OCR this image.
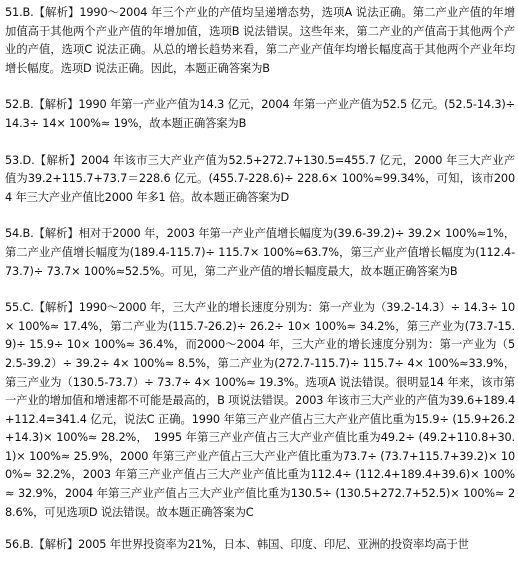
51.B.【解析】1990～2004 年三个产业的产值均呈递增态势，选项A 说法正确。第二产业产值的年增加值高于其他两个产业产值的年增加值，选项B 说法错误。这些年来，第二产业的产值高于其他两个产业的产值，选项C 说法正确。从总的增长趋势来看，第二产业产值年均增长幅度高于其他两个产业年均增长幅度。选项D 说法正确。因此，本题正确答案为B

52.B.【解析】1990 年第一产业产值为14.3 亿元，2004 年第一产业产值为52.5 亿元。(52.5-14.3)÷ 14.3÷ 14× 100%≈ 19%，故本题正确答案为B

53.D.【解析】2004 年该市三大产业产值为52.5+272.7+130.5=455.7 亿元，2000 年三大产业产值为39.2+115.7+73.7＝228.6 亿元。(455.7-228.6)÷ 228.6× 100%≈99.34%，可知，该市2004 年三大产业产值比2000 年多1 倍。故本题正确答案为D

54.B.【解析】相对于2000 年，2003 年第一产业产值增长幅度为(39.6-39.2)÷ 39.2× 100%≈1%，第二产业产值增长幅度为(189.4-115.7)÷ 115.7× 100%≈63.7%，第三产业产值增长幅度为(112.4-73.7)÷ 73.7× 100%≈52.5%。可见，第二产业产值的增长幅度最大，故本题正确答案为B

55.C.【解析】1990～2000 年，三大产业的增长速度分别为：第一产业为（39.2-14.3）÷ 14.3÷ 10× 100%≈ 17.4%，第二产业为(115.7-26.2)÷ 26.2÷ 10× 100%≈ 34.2%，第三产业为(73.7-15.9)÷ 15.9÷ 10× 100%≈ 36.4%，而2000～2004 年，三大产业的增长速度分别为：第一产业为（52.5-39.2）÷ 39.2÷ 4× 100%≈ 8.5%，第二产业为(272.7-115.7)÷ 115.7÷ 4× 100%≈33.9%，第三产业为（130.5-73.7）÷ 73.7÷ 4× 100%≈ 19.3%。选项A 说法错误。很明显14 年来，该市第一产业的增加值和增速都不可能是最高的，B 项说法错误。2003 年该市三大产业的产值为39.6+189.4+112.4=341.4 亿元，说法C 正确。1990 年第三产业产值占三大产业产值比重为15.9÷ (15.9+26.2+14.3)× 100%≈ 28.2%，　1995 年第三产业产值占三大产业产值比重为49.2÷ (49.2+110.8+30.1)× 100%≈ 25.9%，2000 年第三产业产值占三大产业产值比重为73.7÷ (73.7+115.7+39.2)× 100%≈ 32.2%，2003 年第三产业产值占三大产业产值比重为112.4÷ (112.4+189.4+39.6)× 100%≈ 32.9%，2004 年第三产业产值占三大产业产值比重为130.5÷ (130.5+272.7+52.5)× 100%≈ 28.6%，可见选项D 说法错误。故本题正确答案为C

56.B.【解析】2005 年世界投资率为21%，日本、韩国、印度、印尼、亚洲的投资率均高于世
